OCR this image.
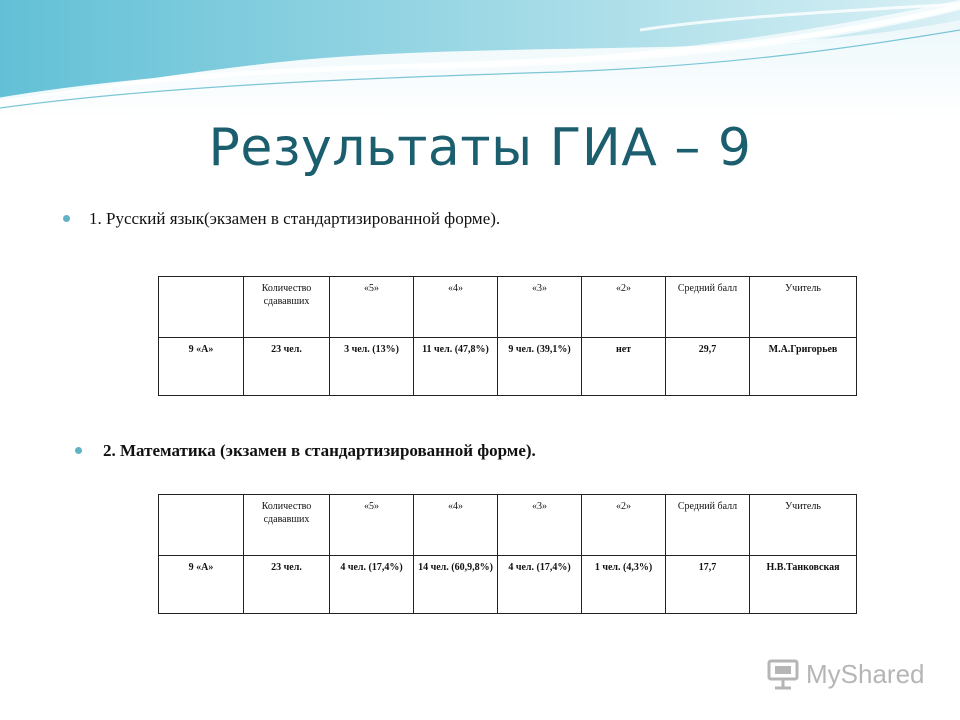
Результаты ГИА – 9
1. Русский язык(экзамен в стандартизированной форме).
	Количество сдававших	«5»	«4»	«3»	«2»	Средний балл	Учитель
9 «А»	23 чел.	3 чел. (13%)	11 чел. (47,8%)	9 чел. (39,1%)	нет	29,7	М.А.Григорьев
2. Математика (экзамен в стандартизированной форме).
	Количество сдававших	«5»	«4»	«3»	«2»	Средний балл	Учитель
9 «А»	23 чел.	4 чел. (17,4%)	14 чел. (60,9,8%)	4 чел. (17,4%)	1 чел. (4,3%)	17,7	Н.В.Танковская
MyShared
